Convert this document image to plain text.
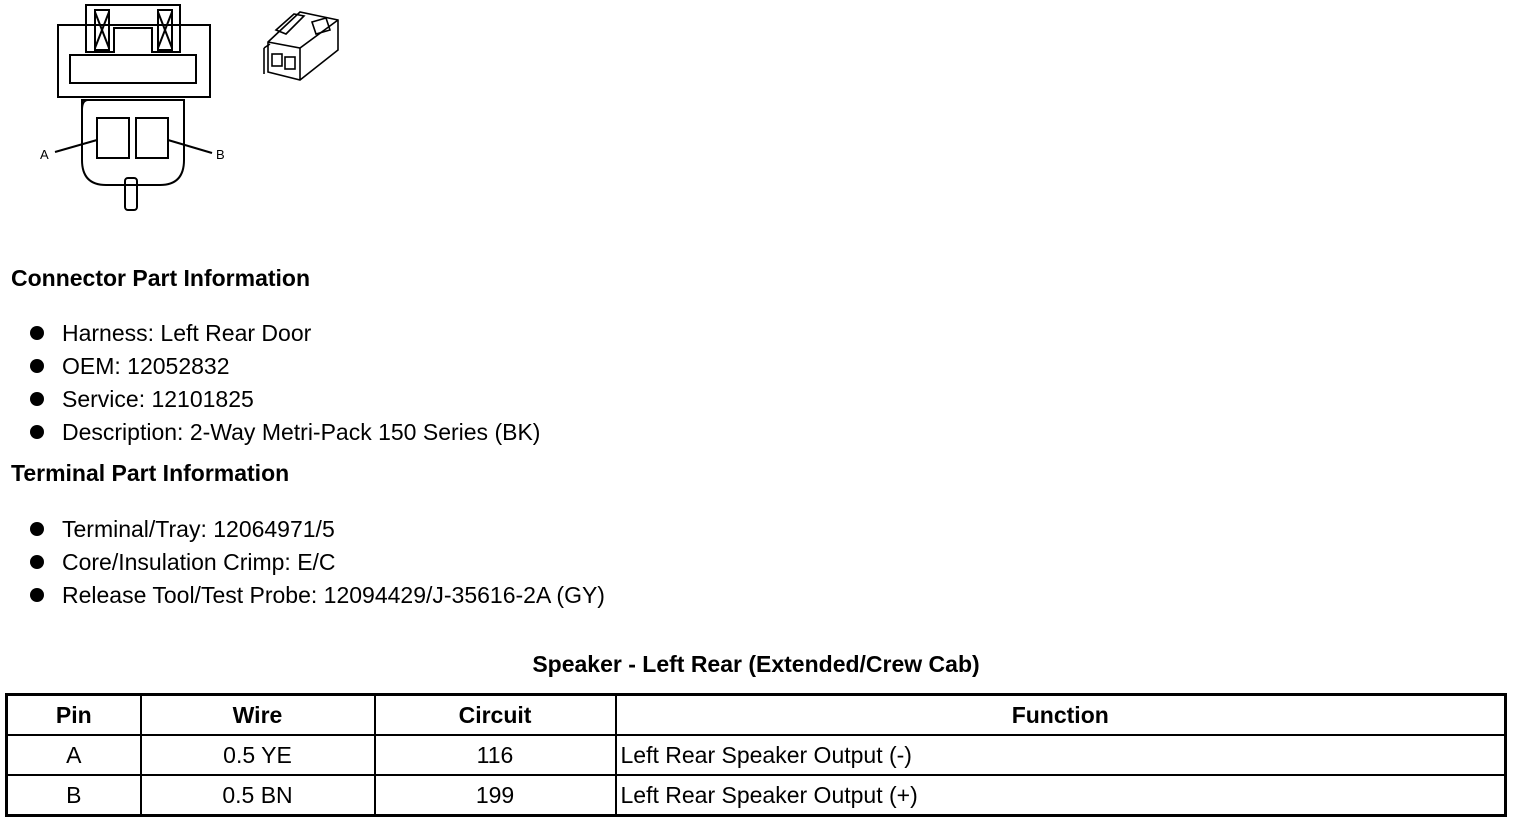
A	B
Connector Part Information
Harness: Left Rear Door
OEM: 12052832
Service: 12101825
Description: 2-Way Metri-Pack 150 Series (BK)
Terminal Part Information
Terminal/Tray: 12064971/5
Core/Insulation Crimp: E/C
Release Tool/Test Probe: 12094429/J-35616-2A (GY)
Speaker - Left Rear (Extended/Crew Cab)
Pin	Wire	Circuit	Function
A	0.5 YE	116	Left Rear Speaker Output (-)
B	0.5 BN	199	Left Rear Speaker Output (+)
